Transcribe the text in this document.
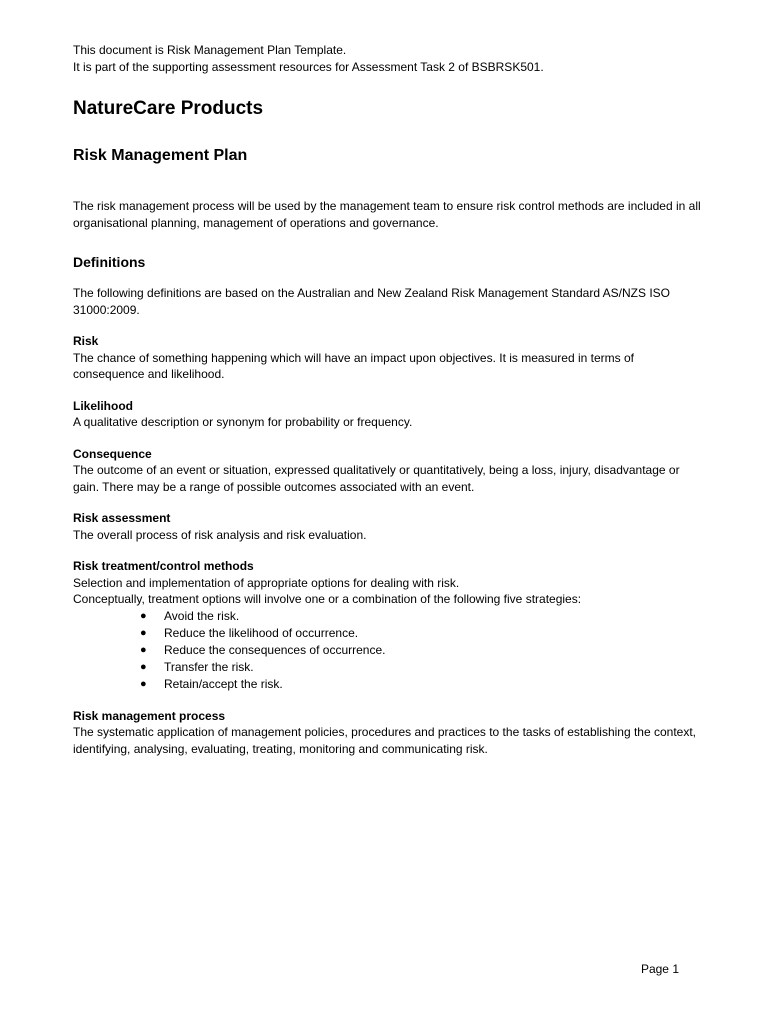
This document is Risk Management Plan Template.

It is part of the supporting assessment resources for Assessment Task 2 of BSBRSK501.

NatureCare Products
Risk Management Plan

The risk management process will be used by the management team to ensure risk control methods are included in all organisational planning, management of operations and governance.

Definitions

The following definitions are based on the Australian and New Zealand Risk Management Standard AS/NZS ISO 31000:2009.

Risk

The chance of something happening which will have an impact upon objectives. It is measured in terms of consequence and likelihood.

Likelihood

A qualitative description or synonym for probability or frequency.

Consequence

The outcome of an event or situation, expressed qualitatively or quantitatively, being a loss, injury, disadvantage or gain. There may be a range of possible outcomes associated with an event.

Risk assessment

The overall process of risk analysis and risk evaluation.

Risk treatment/control methods

Selection and implementation of appropriate options for dealing with risk.

Conceptually, treatment options will involve one or a combination of the following five strategies:

● Avoid the risk.
● Reduce the likelihood of occurrence.
● Reduce the consequences of occurrence.
● Transfer the risk.
● Retain/accept the risk.

Risk management process

The systematic application of management policies, procedures and practices to the tasks of establishing the context, identifying, analysing, evaluating, treating, monitoring and communicating risk.

Page 1
